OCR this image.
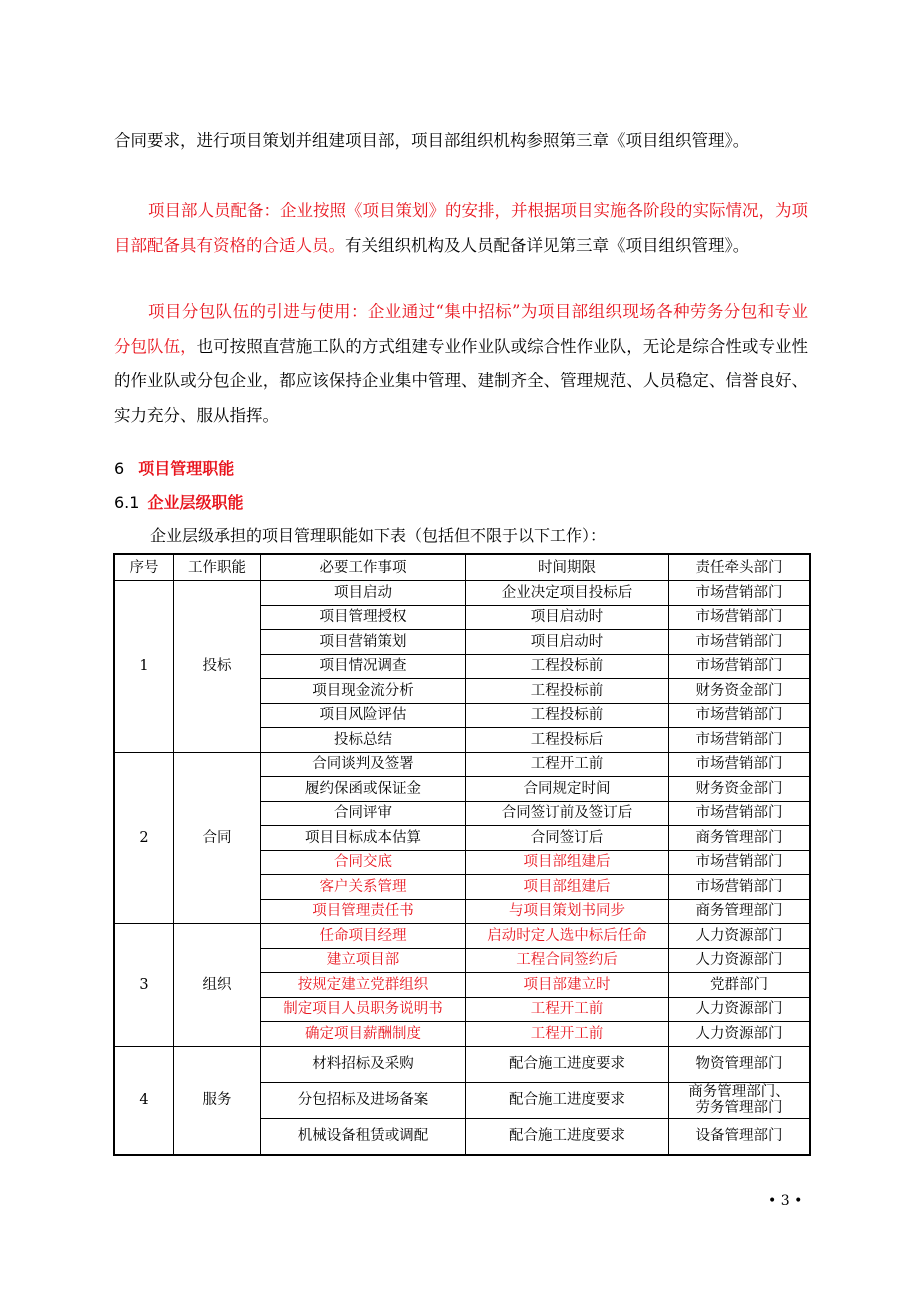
合同要求，进行项目策划并组建项目部，项目部组织机构参照第三章《项目组织管理》。
项目部人员配备：企业按照《项目策划》的安排，并根据项目实施各阶段的实际情况，为项目部配备具有资格的合适人员。有关组织机构及人员配备详见第三章《项目组织管理》。
项目分包队伍的引进与使用：企业通过“集中招标”为项目部组织现场各种劳务分包和专业分包队伍，也可按照直营施工队的方式组建专业作业队或综合性作业队，无论是综合性或专业性的作业队或分包企业，都应该保持企业集中管理、建制齐全、管理规范、人员稳定、信誉良好、实力充分、服从指挥。
6 项目管理职能
6.1 企业层级职能
企业层级承担的项目管理职能如下表（包括但不限于以下工作）：
序号	工作职能	必要工作事项	时间期限	责任牵头部门
1	投标	项目启动	企业决定项目投标后	市场营销部门
		项目管理授权	项目启动时	市场营销部门
		项目营销策划	项目启动时	市场营销部门
		项目情况调查	工程投标前	市场营销部门
		项目现金流分析	工程投标前	财务资金部门
		项目风险评估	工程投标前	市场营销部门
		投标总结	工程投标后	市场营销部门
2	合同	合同谈判及签署	工程开工前	市场营销部门
		履约保函或保证金	合同规定时间	财务资金部门
		合同评审	合同签订前及签订后	市场营销部门
		项目目标成本估算	合同签订后	商务管理部门
		合同交底	项目部组建后	市场营销部门
		客户关系管理	项目部组建后	市场营销部门
		项目管理责任书	与项目策划书同步	商务管理部门
3	组织	任命项目经理	启动时定人选中标后任命	人力资源部门
		建立项目部	工程合同签约后	人力资源部门
		按规定建立党群组织	项目部建立时	党群部门
		制定项目人员职务说明书	工程开工前	人力资源部门
		确定项目薪酬制度	工程开工前	人力资源部门
4	服务	材料招标及采购	配合施工进度要求	物资管理部门
		分包招标及进场备案	配合施工进度要求	商务管理部门、
劳务管理部门
		机械设备租赁或调配	配合施工进度要求	设备管理部门
• 3 •
